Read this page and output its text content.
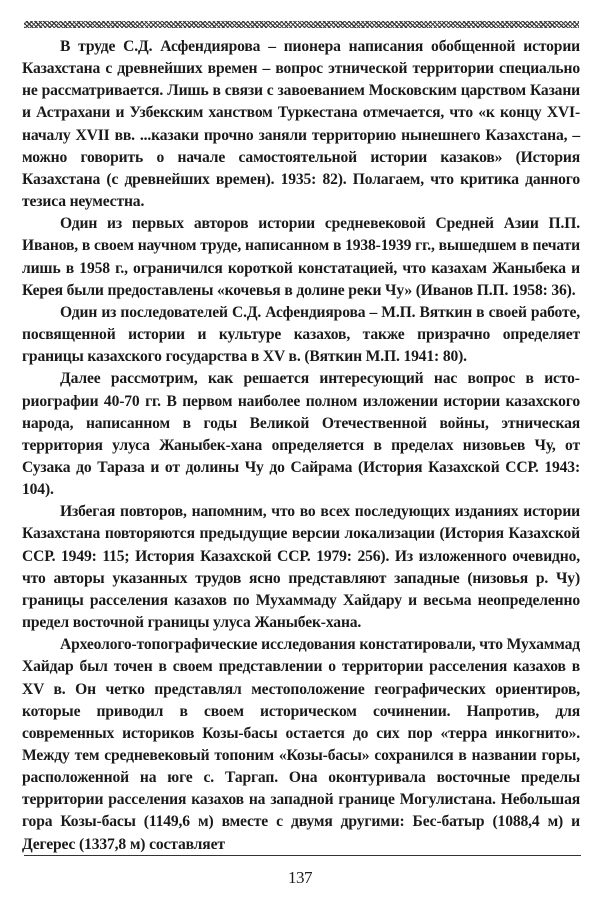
В труде С.Д. Асфендиярова – пионера написания обобщенной истории Казахстана с древнейших времен – вопрос этнической территории специально не рассматривается. Лишь в связи с завоеванием Московским царством Казани и Астрахани и Узбекским ханством Туркестана отмечается, что «к концу XVI-началу XVII вв. ...казаки прочно заняли территорию нынешнего Казахстана, – можно говорить о начале самостоятельной истории казаков» (История Казахстана (с древнейших времен). 1935: 82). Полагаем, что критика данного тезиса неуместна.

Один из первых авторов истории средневековой Средней Азии П.П. Иванов, в своем научном труде, написанном в 1938-1939 гг., вышедшем в печати лишь в 1958 г., ограничился короткой констатацией, что казахам Жаныбека и Керея были предоставлены «кочевья в долине реки Чу» (Иванов П.П. 1958: 36).

Один из последователей С.Д. Асфендиярова – М.П. Вяткин в своей работе, посвященной истории и культуре казахов, также призрачно определяет границы казахского государства в XV в. (Вяткин М.П. 1941: 80).

Далее рассмотрим, как решается интересующий нас вопрос в историографии 40-70 гг. В первом наиболее полном изложении истории казахского народа, написанном в годы Великой Отечественной войны, этническая территория улуса Жаныбек-хана определяется в пределах низовьев Чу, от Сузака до Тараза и от долины Чу до Сайрама (История Казахской ССР. 1943: 104).

Избегая повторов, напомним, что во всех последующих изданиях истории Казахстана повторяются предыдущие версии локализации (История Казахской ССР. 1949: 115; История Казахской ССР. 1979: 256). Из изложенного очевидно, что авторы указанных трудов ясно представляют западные (низовья р. Чу) границы расселения казахов по Мухаммаду Хайдару и весьма неопределенно предел восточной границы улуса Жаныбек-хана.

Археолого-топографические исследования констатировали, что Мухаммад Хайдар был точен в своем представлении о территории расселения казахов в XV в. Он четко представлял местоположение географических ориентиров, которые приводил в своем историческом сочинении. Напротив, для современных историков Козы-басы остается до сих пор «терра инкогнито». Между тем средневековый топоним «Козы-басы» сохранился в названии горы, расположенной на юге с. Таргап. Она оконтуривала восточные пределы территории расселения казахов на западной границе Могулистана. Небольшая гора Козы-басы (1149,6 м) вместе с двумя другими: Бес-батыр (1088,4 м) и Дегерес (1337,8 м) составляет

137
